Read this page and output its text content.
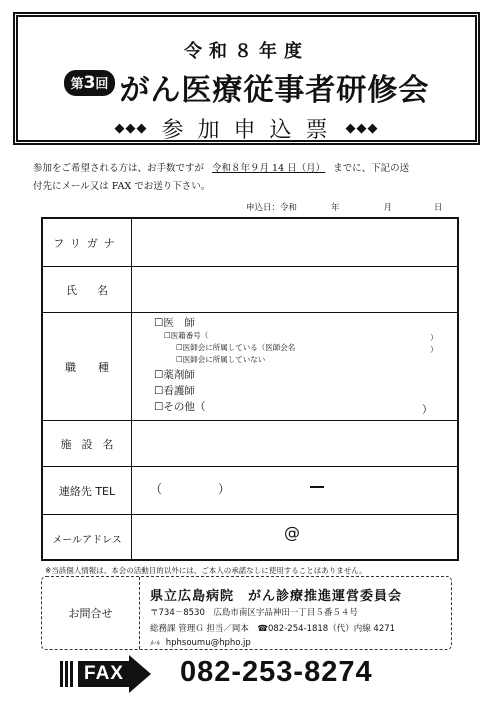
令和８年度
第3回 がん医療従事者研修会
◆◆◆ 参加申込票 ◆◆◆
参加をご希望される方は、お手数ですが 令和８年９月 14 日（月） までに、下記の送
付先にメール又は FAX でお送り下さい。
申込日：令和	年	月	日
フリガナ
氏名
職種
☐医　師
☐医籍番号（
☐医師会に所属している（医師会名
☐医師会に所属していない
☐薬剤師
☐看護師
☐その他（
）
）
）
施設名
連絡先 TEL	（	）
メールアドレス	@
※当該個人情報は、本会の活動目的以外には、ご本人の承諾なしに使用することはありません。
お問合せ
県立広島病院　がん診療推進運営委員会
〒734－8530　広島市南区宇品神田一丁目５番５４号
総務課 管理Ｇ 担当／岡本　☎082-254-1818（代）内線 4271
ﾒｰﾙ hphsoumu@hpho.jp
FAX 082-253-8274
